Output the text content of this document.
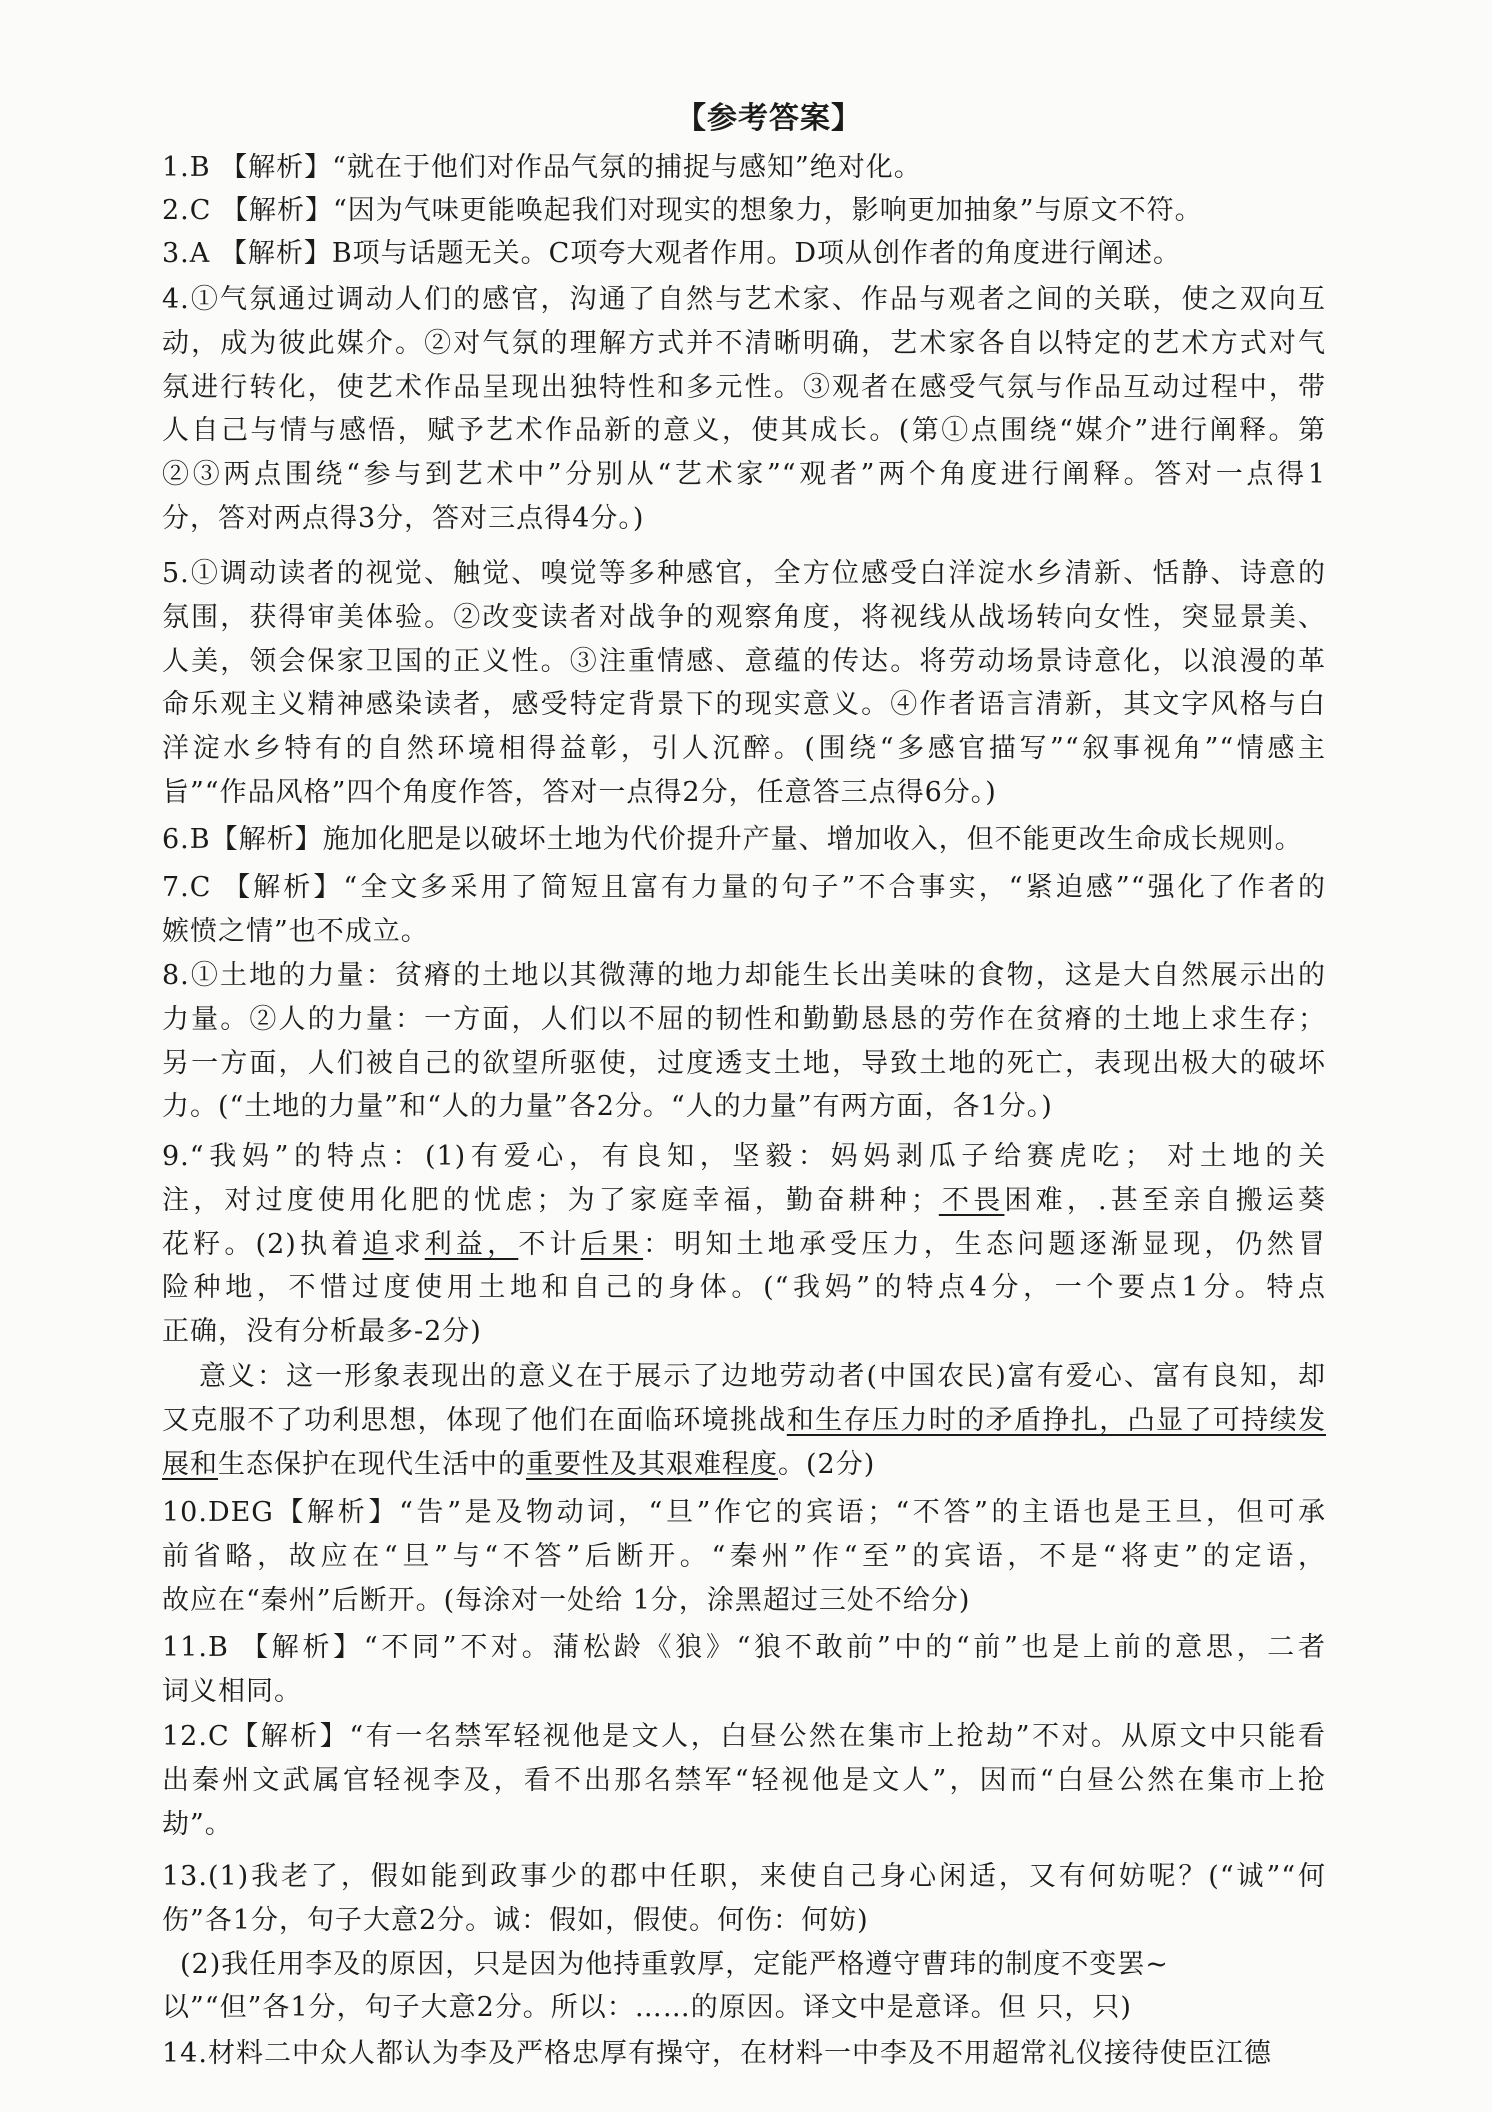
【参考答案】
1.B 【解析】“就在于他们对作品气氛的捕捉与感知”绝对化。
2.C 【解析】“因为气味更能唤起我们对现实的想象力，影响更加抽象”与原文不符。
3.A 【解析】B项与话题无关。C项夸大观者作用。D项从创作者的角度进行阐述。
4.①气氛通过调动人们的感官，沟通了自然与艺术家、作品与观者之间的关联，使之双向互
动，成为彼此媒介。②对气氛的理解方式并不清晰明确，艺术家各自以特定的艺术方式对气
氛进行转化，使艺术作品呈现出独特性和多元性。③观者在感受气氛与作品互动过程中，带
人自己与情与感悟，赋予艺术作品新的意义，使其成长。(第①点围绕“媒介”进行阐释。第
②③两点围绕“参与到艺术中”分别从“艺术家”“观者”两个角度进行阐释。答对一点得1
分，答对两点得3分，答对三点得4分。)
5.①调动读者的视觉、触觉、嗅觉等多种感官，全方位感受白洋淀水乡清新、恬静、诗意的
氛围，获得审美体验。②改变读者对战争的观察角度，将视线从战场转向女性，突显景美、
人美，领会保家卫国的正义性。③注重情感、意蕴的传达。将劳动场景诗意化，以浪漫的革
命乐观主义精神感染读者，感受特定背景下的现实意义。④作者语言清新，其文字风格与白
洋淀水乡特有的自然环境相得益彰，引人沉醉。(围绕“多感官描写”“叙事视角”“情感主
旨”“作品风格”四个角度作答，答对一点得2分，任意答三点得6分。)
6.B【解析】施加化肥是以破坏土地为代价提升产量、增加收入，但不能更改生命成长规则。
7.C 【解析】“全文多采用了简短且富有力量的句子”不合事实，“紧迫感”“强化了作者的
嫉愤之情”也不成立。
8.①土地的力量：贫瘠的土地以其微薄的地力却能生长出美味的食物，这是大自然展示出的
力量。②人的力量：一方面，人们以不屈的韧性和勤勤恳恳的劳作在贫瘠的土地上求生存；
另一方面，人们被自己的欲望所驱使，过度透支土地，导致土地的死亡，表现出极大的破坏
力。(“土地的力量”和“人的力量”各2分。“人的力量”有两方面，各1分。)
9.“我妈”的特点：(1)有爱心，有良知，坚毅：妈妈剥瓜子给赛虎吃； 对土地的关
注，对过度使用化肥的忧虑；为了家庭幸福，勤奋耕种；不畏困难，.甚至亲自搬运葵
花籽。(2)执着追求利益，不计后果：明知土地承受压力，生态问题逐渐显现，仍然冒
险种地，不惜过度使用土地和自己的身体。(“我妈”的特点4分，一个要点1分。特点
正确，没有分析最多-2分)
意义：这一形象表现出的意义在于展示了边地劳动者(中国农民)富有爱心、富有良知，却
又克服不了功利思想，体现了他们在面临环境挑战和生存压力时的矛盾挣扎，凸显了可持续发
展和生态保护在现代生活中的重要性及其艰难程度。(2分)
10.DEG【解析】“告”是及物动词，“旦”作它的宾语；“不答”的主语也是王旦，但可承
前省略，故应在“旦”与“不答”后断开。“秦州”作“至”的宾语，不是“将吏”的定语，
故应在“秦州”后断开。(每涂对一处给 1分，涂黑超过三处不给分)
11.B 【解析】“不同”不对。蒲松龄《狼》“狼不敢前”中的“前”也是上前的意思，二者
词义相同。
12.C【解析】“有一名禁军轻视他是文人，白昼公然在集市上抢劫”不对。从原文中只能看
出秦州文武属官轻视李及，看不出那名禁军“轻视他是文人”，因而“白昼公然在集市上抢
劫”。
13.(1)我老了，假如能到政事少的郡中任职，来使自己身心闲适，又有何妨呢？(“诚”“何
伤”各1分，句子大意2分。诚：假如，假使。何伤：何妨)
(2)我任用李及的原因，只是因为他持重敦厚，定能严格遵守曹玮的制度不变罢~
以”“但”各1分，句子大意2分。所以：……的原因。译文中是意译。但 只，只)
14.材料二中众人都认为李及严格忠厚有操守，在材料一中李及不用超常礼仪接待使臣江德
